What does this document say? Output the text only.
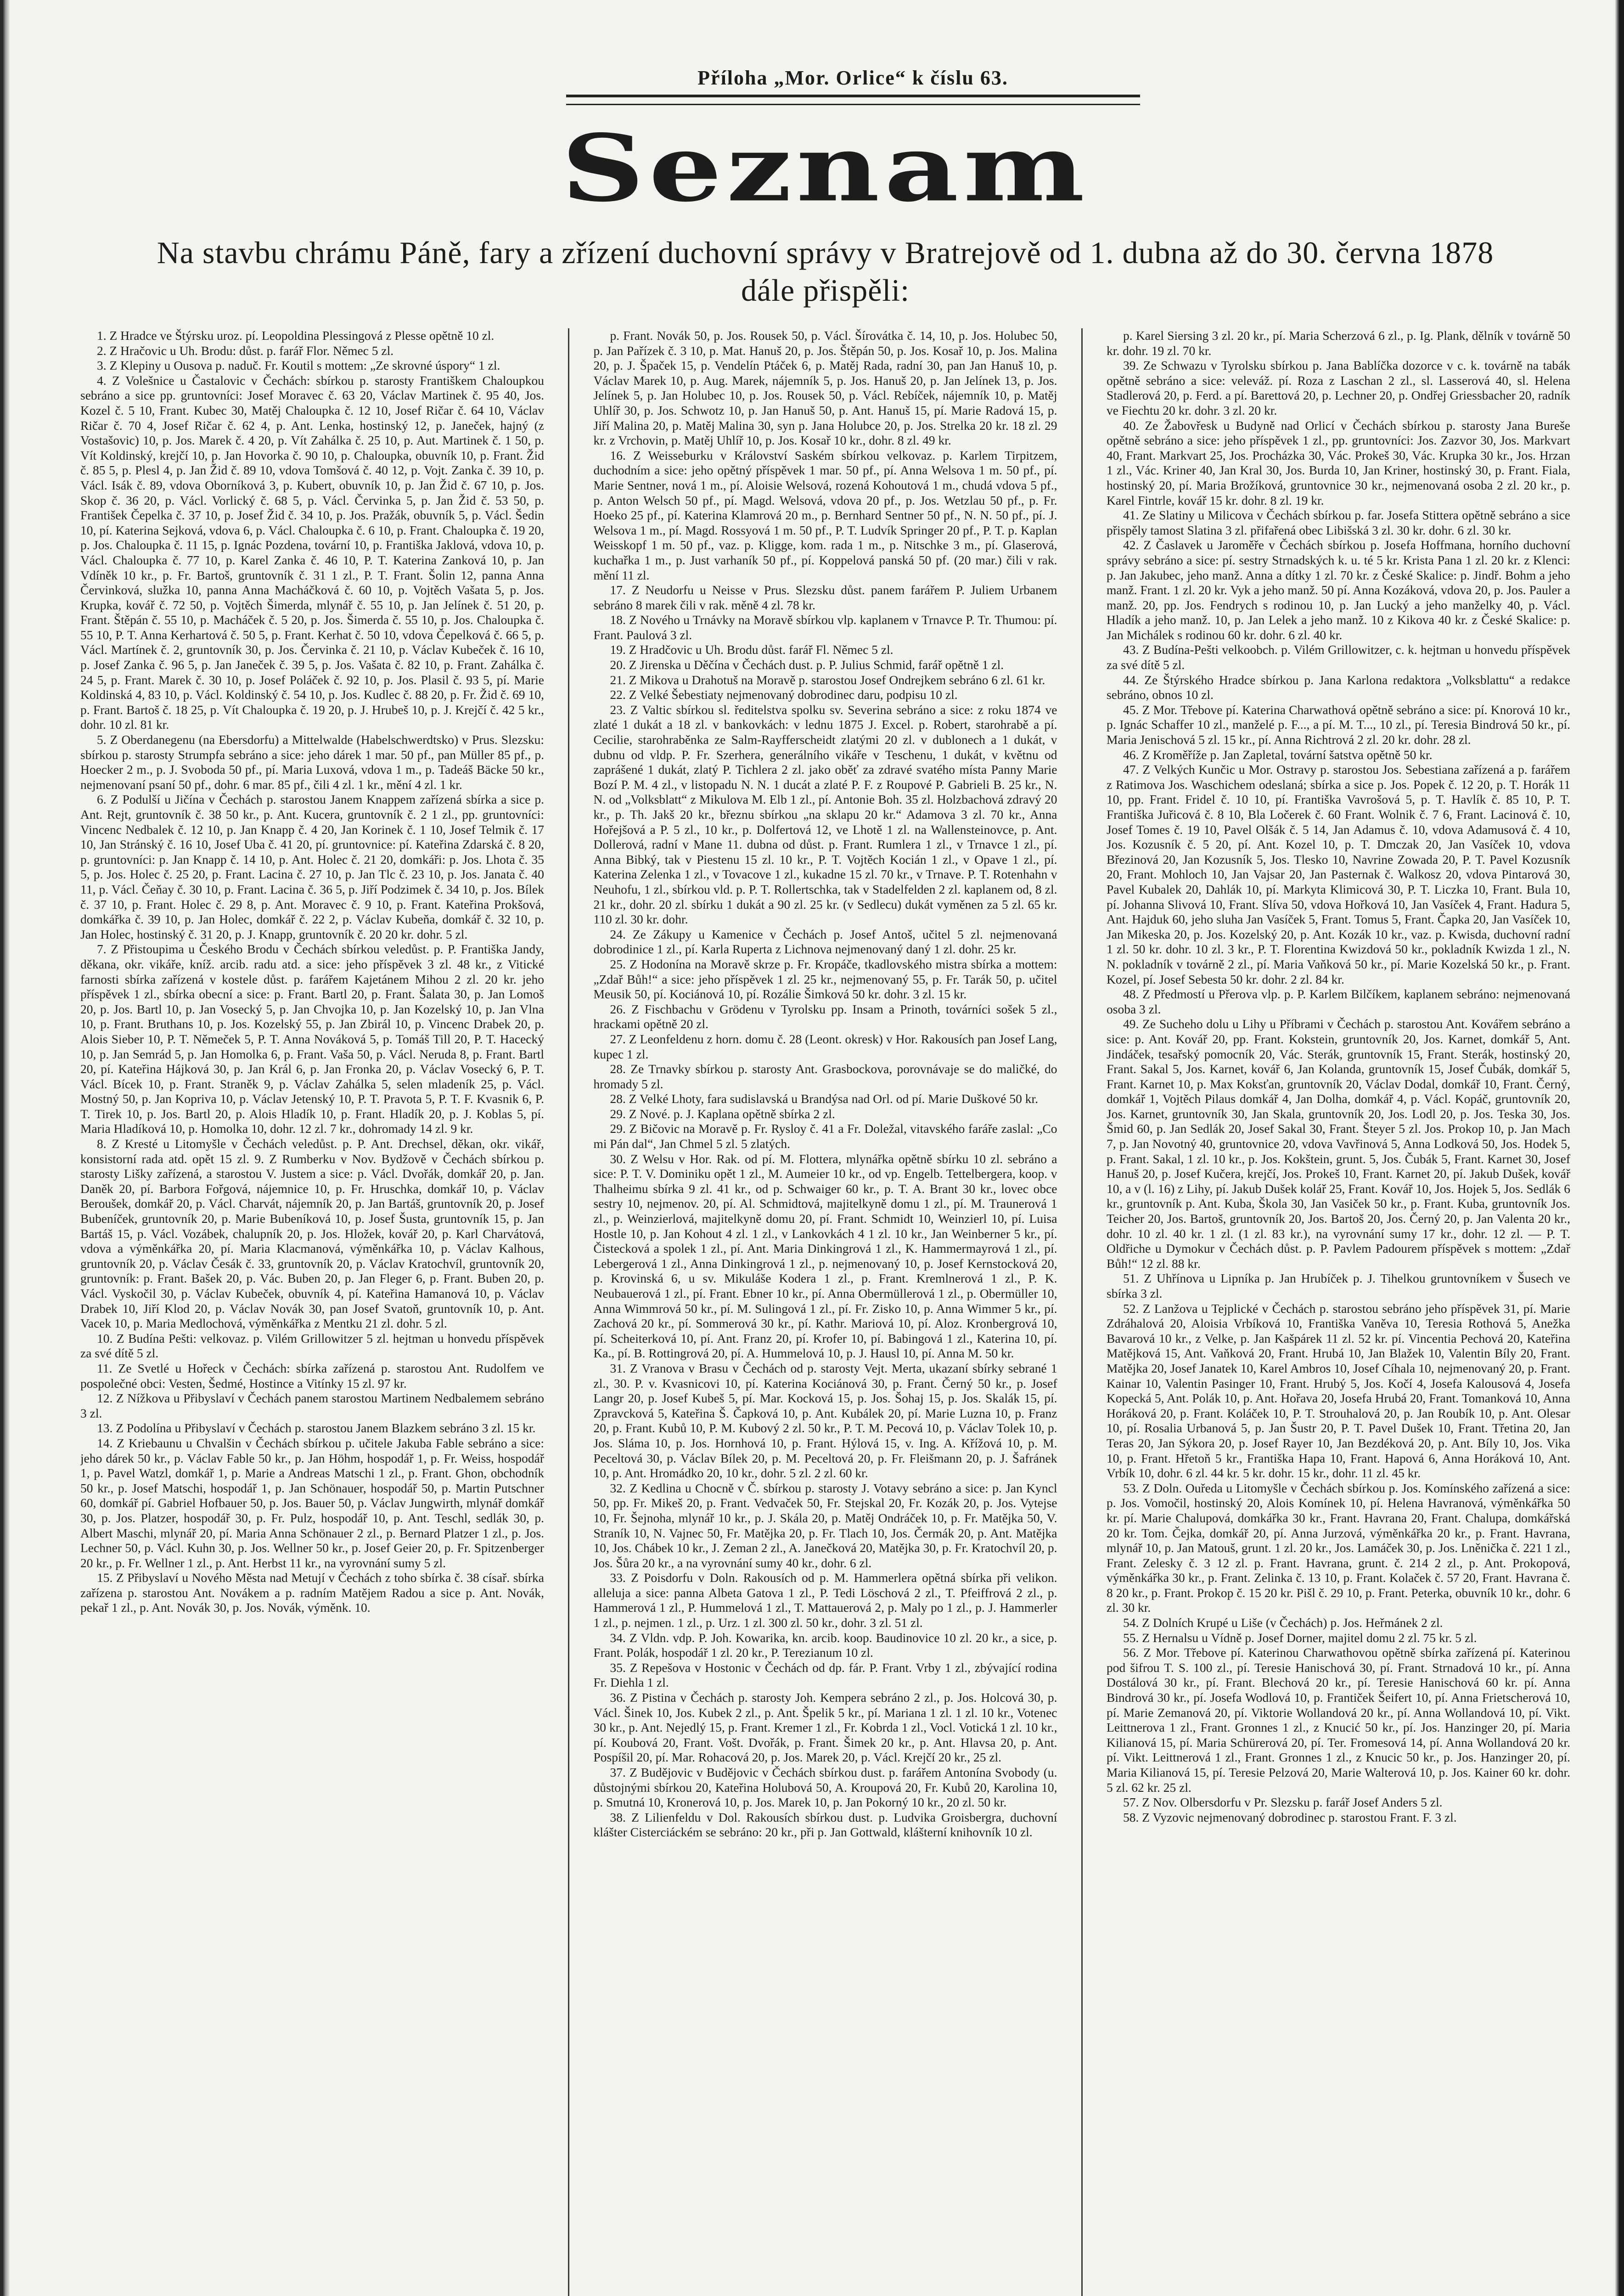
Příloha „Mor. Orlice“ k číslu 63.
Seznam
Na stavbu chrámu Páně, fary a zřízení duchovní správy v Bratrejově od 1. dubna až do 30. června 1878
dále přispěli:

1. Z Hradce ve Štýrsku uroz. pí. Leopoldina Plessingová z Plesse opětně 10 zl.

2. Z Hračovic u Uh. Brodu: důst. p. farář Flor. Němec 5 zl.

3. Z Klepiny u Ousova p. naduč. Fr. Koutil s mottem: „Ze skrovné úspory“ 1 zl.

4. Z Volešnice u Častalovic v Čechách: sbírkou p. starosty Františkem Chaloupkou sebráno a sice pp. gruntovníci: Josef Moravec č. 63 20, Václav Martinek č. 95 40, Jos. Kozel č. 5 10, Frant. Kubec 30, Matěj Chaloupka č. 12 10, Josef Ričar č. 64 10, Václav Ričar č. 70 4, Josef Ričar č. 62 4, p. Ant. Lenka, hostinský 12, p. Janeček, hajný (z Vostašovic) 10, p. Jos. Marek č. 4 20, p. Vít Zahálka č. 25 10, p. Aut. Martinek č. 1 50, p. Vít Koldinský, krejčí 10, p. Jan Hovorka č. 90 10, p. Chaloupka, obuvník 10, p. Frant. Žid č. 85 5, p. Plesl 4, p. Jan Žid č. 89 10, vdova Tomšová č. 40 12, p. Vojt. Zanka č. 39 10, p. Václ. Isák č. 89, vdova Oborníková 3, p. Kubert, obuvník 10, p. Jan Žid č. 67 10, p. Jos. Skop č. 36 20, p. Václ. Vorlický č. 68 5, p. Václ. Červinka 5, p. Jan Žid č. 53 50, p. František Čepelka č. 37 10, p. Josef Žid č. 34 10, p. Jos. Pražák, obuvník 5, p. Václ. Šedin 10, pí. Katerina Sejková, vdova 6, p. Václ. Chaloupka č. 6 10, p. Frant. Chaloupka č. 19 20, p. Jos. Chaloupka č. 11 15, p. Ignác Pozdena, tovární 10, p. Františka Jaklová, vdova 10, p. Václ. Chaloupka č. 77 10, p. Karel Zanka č. 46 10, P. T. Katerina Zanková 10, p. Jan Vdíněk 10 kr., p. Fr. Bartoš, gruntovník č. 31 1 zl., P. T. Frant. Šolin 12, panna Anna Červinková, služka 10, panna Anna Macháčková č. 60 10, p. Vojtěch Vašata 5, p. Jos. Krupka, kovář č. 72 50, p. Vojtěch Šimerda, mlynář č. 55 10, p. Jan Jelínek č. 51 20, p. Frant. Štěpán č. 55 10, p. Macháček č. 5 20, p. Jos. Šimerda č. 55 10, p. Jos. Chaloupka č. 55 10, P. T. Anna Kerhartová č. 50 5, p. Frant. Kerhat č. 50 10, vdova Čepelková č. 66 5, p. Václ. Martínek č. 2, gruntovník 30, p. Jos. Červinka č. 21 10, p. Václav Kubeček č. 16 10, p. Josef Zanka č. 96 5, p. Jan Janeček č. 39 5, p. Jos. Vašata č. 82 10, p. Frant. Zahálka č. 24 5, p. Frant. Marek č. 30 10, p. Josef Poláček č. 92 10, p. Jos. Plasil č. 93 5, pí. Marie Koldinská 4, 83 10, p. Václ. Koldinský č. 54 10, p. Jos. Kudlec č. 88 20, p. Fr. Žid č. 69 10, p. Frant. Bartoš č. 18 25, p. Vít Chaloupka č. 19 20, p. J. Hrubeš 10, p. J. Krejčí č. 42 5 kr., dohr. 10 zl. 81 kr.

5. Z Oberdanegenu (na Ebersdorfu) a Mittelwalde (Habelschwerdtsko) v Prus. Slezsku: sbírkou p. starosty Strumpfa sebráno a sice: jeho dárek 1 mar. 50 pf., pan Müller 85 pf., p. Hoecker 2 m., p. J. Svoboda 50 pf., pí. Maria Luxová, vdova 1 m., p. Tadeáš Bäcke 50 kr., nejmenovaní psaní 50 pf., dohr. 6 mar. 85 pf., čili 4 zl. 1 kr., mění 4 zl. 1 kr.

6. Z Podulší u Jičína v Čechách p. starostou Janem Knappem zařízená sbírka a sice p. Ant. Rejt, gruntovník č. 38 50 kr., p. Ant. Kucera, gruntovník č. 2 1 zl., pp. gruntovníci: Vincenc Nedbalek č. 12 10, p. Jan Knapp č. 4 20, Jan Korinek č. 1 10, Josef Telmik č. 17 10, Jan Stránský č. 16 10, Josef Uba č. 41 20, pí. gruntovnice: pí. Kateřina Zdarská č. 8 20, p. gruntovníci: p. Jan Knapp č. 14 10, p. Ant. Holec č. 21 20, domkáři: p. Jos. Lhota č. 35 5, p. Jos. Holec č. 25 20, p. Frant. Lacina č. 27 10, p. Jan Tlc č. 23 10, p. Jos. Janata č. 40 11, p. Václ. Čeňay č. 30 10, p. Frant. Lacina č. 36 5, p. Jiří Podzimek č. 34 10, p. Jos. Bílek č. 37 10, p. Frant. Holec č. 29 8, p. Ant. Moravec č. 9 10, p. Frant. Kateřina Prokšová, domkářka č. 39 10, p. Jan Holec, domkář č. 22 2, p. Václav Kubeňa, domkář č. 32 10, p. Jan Holec, hostinský č. 31 20, p. J. Knapp, gruntovník č. 20 20 kr. dohr. 5 zl.

7. Z Přistoupima u Českého Brodu v Čechách sbírkou veledůst. p. P. Františka Jandy, děkana, okr. vikáře, kníž. arcib. radu atd. a sice: jeho příspěvek 3 zl. 48 kr., z Vitické farnosti sbírka zařízená v kostele důst. p. farářem Kajetánem Mihou 2 zl. 20 kr. jeho příspěvek 1 zl., sbírka obecní a sice: p. Frant. Bartl 20, p. Frant. Šalata 30, p. Jan Lomoš 20, p. Jos. Bartl 10, p. Jan Vosecký 5, p. Jan Chvojka 10, p. Jan Kozelský 10, p. Jan Vlna 10, p. Frant. Bruthans 10, p. Jos. Kozelský 55, p. Jan Zbirál 10, p. Vincenc Drabek 20, p. Alois Sieber 10, P. T. Němeček 5, P. T. Anna Nováková 5, p. Tomáš Till 20, P. T. Hacecký 10, p. Jan Semrád 5, p. Jan Homolka 6, p. Frant. Vaša 50, p. Václ. Neruda 8, p. Frant. Bartl 20, pí. Kateřina Hájková 30, p. Jan Král 6, p. Jan Fronka 20, p. Václav Vosecký 6, P. T. Václ. Bícek 10, p. Frant. Straněk 9, p. Václav Zahálka 5, selen mladeník 25, p. Václ. Mostný 50, p. Jan Kopriva 10, p. Václav Jetenský 10, P. T. Pravota 5, P. T. F. Kvasnik 6, P. T. Tirek 10, p. Jos. Bartl 20, p. Alois Hladík 10, p. Frant. Hladík 20, p. J. Koblas 5, pí. Maria Hladíková 10, p. Homolka 10, dohr. 12 zl. 7 kr., dohromady 14 zl. 9 kr.

8. Z Kresté u Litomyšle v Čechách veledůst. p. P. Ant. Drechsel, děkan, okr. vikář, konsistorní rada atd. opět 15 zl. 9. Z Rumberku v Nov. Bydžově v Čechách sbírkou p. starosty Lišky zařízená, a starostou V. Justem a sice: p. Václ. Dvořák, domkář 20, p. Jan. Daněk 20, pí. Barbora Fořgová, nájemnice 10, p. Fr. Hruschka, domkář 10, p. Václav Beroušek, domkář 20, p. Václ. Charvát, nájemník 20, p. Jan Bartáš, gruntovník 20, p. Josef Bubeníček, gruntovník 20, p. Marie Bubeníková 10, p. Josef Šusta, gruntovník 15, p. Jan Bartáš 15, p. Václ. Vozábek, chalupník 20, p. Jos. Hložek, kovář 20, p. Karl Charvátová, vdova a výměnkářka 20, pí. Maria Klacmanová, výměnkářka 10, p. Václav Kalhous, gruntovník 20, p. Václav Česák č. 33, gruntovník 20, p. Václav Kratochvíl, gruntovník 20, gruntovník: p. Frant. Bašek 20, p. Vác. Buben 20, p. Jan Fleger 6, p. Frant. Buben 20, p. Václ. Vyskočil 30, p. Václav Kubeček, obuvník 4, pí. Kateřina Hamanová 10, p. Václav Drabek 10, Jiří Klod 20, p. Václav Novák 30, pan Josef Svatoň, gruntovník 10, p. Ant. Vacek 10, p. Maria Medlochová, výměnkářka z Mentku 21 zl. dohr. 5 zl.

10. Z Budína Pešti: velkovaz. p. Vilém Grillowitzer 5 zl. hejtman u honvedu příspěvek za své dítě 5 zl.

11. Ze Svetlé u Hořeck v Čechách: sbírka zařízená p. starostou Ant. Rudolfem ve pospolečné obci: Vesten, Šedmé, Hostince a Vitínky 15 zl. 97 kr.

12. Z Nížkova u Přibyslaví v Čechách panem starostou Martinem Nedbalemem sebráno 3 zl.

13. Z Podolína u Přibyslaví v Čechách p. starostou Janem Blazkem sebráno 3 zl. 15 kr.

14. Z Kriebaunu u Chvalšin v Čechách sbírkou p. učitele Jakuba Fable sebráno a sice: jeho dárek 50 kr., p. Václav Fable 50 kr., p. Jan Höhm, hospodář 1, p. Fr. Weiss, hospodář 1, p. Pavel Watzl, domkář 1, p. Marie a Andreas Matschi 1 zl., p. Frant. Ghon, obchodník 50 kr., p. Josef Matschi, hospodář 1, p. Jan Schönauer, hospodář 50, p. Martin Putschner 60, domkář pí. Gabriel Hofbauer 50, p. Jos. Bauer 50, p. Václav Jungwirth, mlynář domkář 30, p. Jos. Platzer, hospodář 30, p. Fr. Pulz, hospodář 10, p. Ant. Teschl, sedlák 30, p. Albert Maschi, mlynář 20, pí. Maria Anna Schönauer 2 zl., p. Bernard Platzer 1 zl., p. Jos. Lechner 50, p. Václ. Kuhn 30, p. Jos. Wellner 50 kr., p. Josef Geier 20, p. Fr. Spitzenberger 20 kr., p. Fr. Wellner 1 zl., p. Ant. Herbst 11 kr., na vyrovnání sumy 5 zl.

15. Z Přibyslaví u Nového Města nad Metují v Čechách z toho sbírka č. 38 císař. sbírka zařízena p. starostou Ant. Novákem a p. radním Matějem Radou a sice p. Ant. Novák, pekař 1 zl., p. Ant. Novák 30, p. Jos. Novák, výměnk. 10.

p. Frant. Novák 50, p. Jos. Rousek 50, p. Václ. Šírovátka č. 14, 10, p. Jos. Holubec 50, p. Jan Pařízek č. 3 10, p. Mat. Hanuš 20, p. Jos. Štěpán 50, p. Jos. Kosař 10, p. Jos. Malina 20, p. J. Špaček 15, p. Vendelín Ptáček 6, p. Matěj Rada, radní 30, pan Jan Hanuš 10, p. Václav Marek 10, p. Aug. Marek, nájemník 5, p. Jos. Hanuš 20, p. Jan Jelínek 13, p. Jos. Jelínek 5, p. Jan Holubec 10, p. Jos. Rousek 50, p. Václ. Rebíček, nájemník 10, p. Matěj Uhlíř 30, p. Jos. Schwotz 10, p. Jan Hanuš 50, p. Ant. Hanuš 15, pí. Marie Radová 15, p. Jiří Malina 20, p. Matěj Malina 30, syn p. Jana Holubce 20, p. Jos. Strelka 20 kr. 18 zl. 29 kr. z Vrchovin, p. Matěj Uhlíř 10, p. Jos. Kosař 10 kr., dohr. 8 zl. 49 kr.

16. Z Weisseburku v Království Saském sbírkou velkovaz. p. Karlem Tirpitzem, duchodním a sice: jeho opětný příspěvek 1 mar. 50 pf., pí. Anna Welsova 1 m. 50 pf., pí. Marie Sentner, nová 1 m., pí. Aloisie Welsová, rozená Kohoutová 1 m., chudá vdova 5 pf., p. Anton Welsch 50 pf., pí. Magd. Welsová, vdova 20 pf., p. Jos. Wetzlau 50 pf., p. Fr. Hoeko 25 pf., pí. Katerina Klamrová 20 m., p. Bernhard Sentner 50 pf., N. N. 50 pf., pí. J. Welsova 1 m., pí. Magd. Rossyová 1 m. 50 pf., P. T. Ludvík Springer 20 pf., P. T. p. Kaplan Weisskopf 1 m. 50 pf., vaz. p. Kligge, kom. rada 1 m., p. Nitschke 3 m., pí. Glaserová, kuchařka 1 m., p. Just varhaník 50 pf., pí. Koppelová panská 50 pf. (20 mar.) čili v rak. mění 11 zl.

17. Z Neudorfu u Neisse v Prus. Slezsku důst. panem farářem P. Juliem Urbanem sebráno 8 marek čili v rak. měně 4 zl. 78 kr.

18. Z Nového u Trnávky na Moravě sbírkou vlp. kaplanem v Trnavce P. Tr. Thumou: pí. Frant. Paulová 3 zl.

19. Z Hradčovic u Uh. Brodu důst. farář Fl. Němec 5 zl.

20. Z Jirenska u Děčína v Čechách dust. p. P. Julius Schmid, farář opětně 1 zl.

21. Z Mikova u Drahotuš na Moravě p. starostou Josef Ondrejkem sebráno 6 zl. 61 kr.

22. Z Velké Šebestiaty nejmenovaný dobrodinec daru, podpisu 10 zl.

23. Z Valtic sbírkou sl. ředitelstva spolku sv. Severina sebráno a sice: z roku 1874 ve zlaté 1 dukát a 18 zl. v bankovkách: v lednu 1875 J. Excel. p. Robert, starohrabě a pí. Cecilie, starohraběnka ze Salm-Rayfferscheidt zlatými 20 zl. v dublonech a 1 dukát, v dubnu od vldp. P. Fr. Szerhera, generálního vikáře v Teschenu, 1 dukát, v květnu od zaprášené 1 dukát, zlatý P. Tichlera 2 zl. jako oběť za zdravé svatého místa Panny Marie Bozí P. M. 4 zl., v listopadu N. N. 1 ducát a zlaté P. F. z Roupové P. Gabrieli B. 25 kr., N. N. od „Volksblatt“ z Mikulova M. Elb 1 zl., pí. Antonie Boh. 35 zl. Holzbachová zdravý 20 kr., p. Th. Jakš 20 kr., březnu sbírkou „na sklapu 20 kr.“ Adamova 3 zl. 70 kr., Anna Hořejšová a P. 5 zl., 10 kr., p. Dolfertová 12, ve Lhotě 1 zl. na Wallensteinovce, p. Ant. Dollerová, radní v Mane 11. dubna od důst. p. Frant. Rumlera 1 zl., v Trnavce 1 zl., pí. Anna Bibký, tak v Piestenu 15 zl. 10 kr., P. T. Vojtěch Kocián 1 zl., v Opave 1 zl., pí. Katerina Zelenka 1 zl., v Tovacove 1 zl., kukadne 15 zl. 70 kr., v Trnave. P. T. Rotenhahn v Neuhofu, 1 zl., sbírkou vld. p. P. T. Rollertschka, tak v Stadelfelden 2 zl. kaplanem od, 8 zl. 21 kr., dohr. 20 zl. sbírku 1 dukát a 90 zl. 25 kr. (v Sedlecu) dukát vyměnen za 5 zl. 65 kr. 110 zl. 30 kr. dohr.

24. Ze Zákupy u Kamenice v Čechách p. Josef Antoš, učitel 5 zl. nejmenovaná dobrodinice 1 zl., pí. Karla Ruperta z Lichnova nejmenovaný daný 1 zl. dohr. 25 kr.

25. Z Hodonína na Moravě skrze p. Fr. Kropáče, tkadlovského mistra sbírka a mottem: „Zdař Bůh!“ a sice: jeho příspěvek 1 zl. 25 kr., nejmenovaný 55, p. Fr. Tarák 50, p. učitel Meusik 50, pí. Kociánová 10, pí. Rozálie Šimková 50 kr. dohr. 3 zl. 15 kr.

26. Z Fischbachu v Grödenu v Tyrolsku pp. Insam a Prinoth, továrníci sošek 5 zl., hrackami opětně 20 zl.

27. Z Leonfeldenu z horn. domu č. 28 (Leont. okresk) v Hor. Rakousích pan Josef Lang, kupec 1 zl.

28. Ze Trnavky sbírkou p. starosty Ant. Grasbockova, porovnávaje se do maličké, do hromady 5 zl.

28. Z Velké Lhoty, fara sudislavská u Brandýsa nad Orl. od pí. Marie Duškové 50 kr.

29. Z Nové. p. J. Kaplana opětně sbírka 2 zl.

29. Z Bičovic na Moravě p. Fr. Rysloy č. 41 a Fr. Doležal, vitavského faráře zaslal: „Co mi Pán dal“, Jan Chmel 5 zl. 5 zlatých.

30. Z Welsu v Hor. Rak. od pí. M. Flottera, mlynářka opětně sbírku 10 zl. sebráno a sice: P. T. V. Dominiku opět 1 zl., M. Aumeier 10 kr., od vp. Engelb. Tettelbergera, koop. v Thalheimu sbírka 9 zl. 41 kr., od p. Schwaiger 60 kr., p. T. A. Brant 30 kr., lovec obce sestry 10, nejmenov. 20, pí. Al. Schmidtová, majitelkyně domu 1 zl., pí. M. Traunerová 1 zl., p. Weinzierlová, majitelkyně domu 20, pí. Frant. Schmidt 10, Weinzierl 10, pí. Luisa Hostle 10, p. Jan Kohout 4 zl. 1 zl., v Lankovkách 4 1 zl. 10 kr., Jan Weinberner 5 kr., pí. Čistecková a spolek 1 zl., pí. Ant. Maria Dinkingrová 1 zl., K. Hammermayrová 1 zl., pí. Lebergerová 1 zl., Anna Dinkingrová 1 zl., p. nejmenovaný 10, p. Josef Kernstocková 20, p. Krovinská 6, u sv. Mikuláše Kodera 1 zl., p. Frant. Kremlnerová 1 zl., P. K. Neubauerová 1 zl., pí. Frant. Ebner 10 kr., pí. Anna Obermüllerová 1 zl., p. Obermüller 10, Anna Wimmrová 50 kr., pí. M. Sulingová 1 zl., pí. Fr. Zisko 10, p. Anna Wimmer 5 kr., pí. Zachová 20 kr., pí. Sommerová 30 kr., pí. Kathr. Mariová 10, pí. Aloz. Kronbergrová 10, pí. Scheiterková 10, pí. Ant. Franz 20, pí. Krofer 10, pí. Babingová 1 zl., Katerina 10, pí. Ka., pí. B. Rottingrová 20, pí. A. Hummelová 10, p. J. Hausl 10, pí. Anna M. 50 kr.

31. Z Vranova v Brasu v Čechách od p. starosty Vejt. Merta, ukazaní sbírky sebrané 1 zl., 30. P. v. Kvasnicovi 10, pí. Katerina Kociánová 30, p. Frant. Černý 50 kr., p. Josef Langr 20, p. Josef Kubeš 5, pí. Mar. Kocková 15, p. Jos. Šohaj 15, p. Jos. Skalák 15, pí. Zpravcková 5, Kateřina Š. Čapková 10, p. Ant. Kubálek 20, pí. Marie Luzna 10, p. Franz 20, p. Frant. Kubů 10, P. M. Kubový 2 zl. 50 kr., P. T. M. Pecová 10, p. Václav Tolek 10, p. Jos. Sláma 10, p. Jos. Hornhová 10, p. Frant. Hýlová 15, v. Ing. A. Křížová 10, p. M. Peceltová 30, p. Václav Bílek 20, p. M. Peceltová 20, p. Fr. Fleišmann 20, p. J. Šafránek 10, p. Ant. Hromádko 20, 10 kr., dohr. 5 zl. 2 zl. 60 kr.

32. Z Kedlina u Chocně v Č. sbírkou p. starosty J. Votavy sebráno a sice: p. Jan Kyncl 50, pp. Fr. Mikeš 20, p. Frant. Vedvaček 50, Fr. Stejskal 20, Fr. Kozák 20, p. Jos. Vytejse 10, Fr. Šejnoha, mlynář 10 kr., p. J. Skála 20, p. Matěj Ondráček 10, p. Fr. Matějka 50, V. Straník 10, N. Vajnec 50, Fr. Matějka 20, p. Fr. Tlach 10, Jos. Čermák 20, p. Ant. Matějka 10, Jos. Chábek 10 kr., J. Zeman 2 zl., A. Janečková 20, Matějka 30, p. Fr. Kratochvíl 20, p. Jos. Šůra 20 kr., a na vyrovnání sumy 40 kr., dohr. 6 zl.

33. Z Poisdorfu v Doln. Rakousích od p. M. Hammerlera opětná sbírka při velikon. alleluja a sice: panna Albeta Gatova 1 zl., P. Tedi Löschová 2 zl., T. Pfeiffrová 2 zl., p. Hammerová 1 zl., P. Hummelová 1 zl., T. Mattauerová 2, p. Maly po 1 zl., p. J. Hammerler 1 zl., p. nejmen. 1 zl., p. Urz. 1 zl. 300 zl. 50 kr., dohr. 3 zl. 51 zl.

34. Z Vldn. vdp. P. Joh. Kowarika, kn. arcib. koop. Baudinovice 10 zl. 20 kr., a sice, p. Frant. Polák, hospodář 1 zl. 20 kr., P. Terezianum 10 zl.

35. Z Repešova v Hostonic v Čechách od dp. fár. P. Frant. Vrby 1 zl., zbývající rodina Fr. Diehla 1 zl.

36. Z Pistina v Čechách p. starosty Joh. Kempera sebráno 2 zl., p. Jos. Holcová 30, p. Václ. Šinek 10, Jos. Kubek 2 zl., p. Ant. Špelik 5 kr., pí. Mariana 1 zl. 1 zl. 10 kr., Votenec 30 kr., p. Ant. Nejedlý 15, p. Frant. Kremer 1 zl., Fr. Kobrda 1 zl., Vocl. Votická 1 zl. 10 kr., pí. Koubová 20, Frant. Vošt. Dvořák, p. Frant. Šimek 20 kr., p. Ant. Hlavsa 20, p. Ant. Pospíšil 20, pí. Mar. Rohacová 20, p. Jos. Marek 20, p. Václ. Krejčí 20 kr., 25 zl.

37. Z Budějovic v Budějovic v Čechách sbírkou dust. p. farářem Antonína Svobody (u. důstojnými sbírkou 20, Kateřina Holubová 50, A. Kroupová 20, Fr. Kubů 20, Karolina 10, p. Smutná 10, Kronerová 10, p. Jos. Marek 10, p. Jan Pokorný 10 kr., 20 zl. 50 kr.

38. Z Lilienfeldu v Dol. Rakousích sbírkou dust. p. Ludvika Groisbergra, duchovní klášter Cisterciáckém se sebráno: 20 kr., při p. Jan Gottwald, klášterní knihovník 10 zl.

p. Karel Siersing 3 zl. 20 kr., pí. Maria Scherzová 6 zl., p. Ig. Plank, dělník v továrně 50 kr. dohr. 19 zl. 70 kr.

39. Ze Schwazu v Tyrolsku sbírkou p. Jana Bablíčka dozorce v c. k. továrně na tabák opětně sebráno a sice: veleváž. pí. Roza z Laschan 2 zl., sl. Lasserová 40, sl. Helena Stadlerová 20, p. Ferd. a pí. Barettová 20, p. Lechner 20, p. Ondřej Griessbacher 20, radník ve Fiechtu 20 kr. dohr. 3 zl. 20 kr.

40. Ze Žabovřesk u Budyně nad Orlicí v Čechách sbírkou p. starosty Jana Bureše opětně sebráno a sice: jeho příspěvek 1 zl., pp. gruntovníci: Jos. Zazvor 30, Jos. Markvart 40, Frant. Markvart 25, Jos. Procházka 30, Vác. Prokeš 30, Vác. Krupka 30 kr., Jos. Hrzan 1 zl., Vác. Kriner 40, Jan Kral 30, Jos. Burda 10, Jan Kriner, hostinský 30, p. Frant. Fiala, hostinský 20, pí. Maria Brožíková, gruntovnice 30 kr., nejmenovaná osoba 2 zl. 20 kr., p. Karel Fintrle, kovář 15 kr. dohr. 8 zl. 19 kr.

41. Ze Slatiny u Milicova v Čechách sbírkou p. far. Josefa Stittera opětně sebráno a sice přispěly tamost Slatina 3 zl. přifařená obec Libišská 3 zl. 30 kr. dohr. 6 zl. 30 kr.

42. Z Časlavek u Jaroměře v Čechách sbírkou p. Josefa Hoffmana, horního duchovní správy sebráno a sice: pí. sestry Strnadských k. u. té 5 kr. Krista Pana 1 zl. 20 kr. z Klenci: p. Jan Jakubec, jeho manž. Anna a dítky 1 zl. 70 kr. z České Skalice: p. Jindř. Bohm a jeho manž. Frant. 1 zl. 20 kr. Vyk a jeho manž. 50 pí. Anna Kozáková, vdova 20, p. Jos. Pauler a manž. 20, pp. Jos. Fendrych s rodinou 10, p. Jan Lucký a jeho manželky 40, p. Václ. Hladík a jeho manž. 10, p. Jan Lelek a jeho manž. 10 z Kikova 40 kr. z České Skalice: p. Jan Michálek s rodinou 60 kr. dohr. 6 zl. 40 kr.

43. Z Budína-Pešti velkoobch. p. Vilém Grillowitzer, c. k. hejtman u honvedu příspěvek za své dítě 5 zl.

44. Ze Štýrského Hradce sbírkou p. Jana Karlona redaktora „Volksblattu“ a redakce sebráno, obnos 10 zl.

45. Z Mor. Třebove pí. Katerina Charwathová opětně sebráno a sice: pí. Knorová 10 kr., p. Ignác Schaffer 10 zl., manželé p. F..., a pí. M. T..., 10 zl., pí. Teresia Bindrová 50 kr., pí. Maria Jenischová 5 zl. 15 kr., pí. Anna Richtrová 2 zl. 20 kr. dohr. 28 zl.

46. Z Kroměříže p. Jan Zapletal, tovární šatstva opětně 50 kr.

47. Z Velkých Kunčic u Mor. Ostravy p. starostou Jos. Sebestiana zařízená a p. farářem z Ratimova Jos. Waschichem odeslaná; sbírka a sice p. Jos. Popek č. 12 20, p. T. Horák 11 10, pp. Frant. Fridel č. 10 10, pí. Františka Vavrošová 5, p. T. Havlík č. 85 10, P. T. Františka Juřicová č. 8 10, Bla Ločerek č. 60 Frant. Wolnik č. 7 6, Frant. Lacinová č. 10, Josef Tomes č. 19 10, Pavel Olšák č. 5 14, Jan Adamus č. 10, vdova Adamusová č. 4 10, Jos. Kozusník č. 5 20, pí. Ant. Kozel 10, p. T. Dmczak 20, Jan Vasíček 10, vdova Březinová 20, Jan Kozusník 5, Jos. Tlesko 10, Navrine Zowada 20, P. T. Pavel Kozusník 20, Frant. Mohloch 10, Jan Vajsar 20, Jan Pasternak č. Walkosz 20, vdova Pintarová 30, Pavel Kubalek 20, Dahlák 10, pí. Markyta Klimicová 30, P. T. Liczka 10, Frant. Bula 10, pí. Johanna Slivová 10, Frant. Slíva 50, vdova Hořková 10, Jan Vasíček 4, Frant. Hadura 5, Ant. Hajduk 60, jeho sluha Jan Vasíček 5, Frant. Tomus 5, Frant. Čapka 20, Jan Vasíček 10, Jan Mikeska 20, p. Jos. Kozelský 20, p. Ant. Kozák 10 kr., vaz. p. Kwisda, duchovní radní 1 zl. 50 kr. dohr. 10 zl. 3 kr., P. T. Florentina Kwizdová 50 kr., pokladník Kwizda 1 zl., N. N. pokladník v továrně 2 zl., pí. Maria Vaňková 50 kr., pí. Marie Kozelská 50 kr., p. Frant. Kozel, pí. Josef Sebesta 50 kr. dohr. 2 zl. 84 kr.

48. Z Předmostí u Přerova vlp. p. P. Karlem Bilčíkem, kaplanem sebráno: nejmenovaná osoba 3 zl.

49. Ze Sucheho dolu u Lihy u Příbrami v Čechách p. starostou Ant. Kovářem sebráno a sice: p. Ant. Kovář 20, pp. Frant. Kokstein, gruntovník 20, Jos. Karnet, domkář 5, Ant. Jindáček, tesařský pomocník 20, Vác. Sterák, gruntovník 15, Frant. Sterák, hostinský 20, Frant. Sakal 5, Jos. Karnet, kovář 6, Jan Kolanda, gruntovník 15, Josef Čubák, domkář 5, Frant. Karnet 10, p. Max Koksťan, gruntovník 20, Václav Dodal, domkář 10, Frant. Černý, domkář 1, Vojtěch Pilaus domkář 4, Jan Dolha, domkář 4, p. Václ. Kopáč, gruntovník 20, Jos. Karnet, gruntovník 30, Jan Skala, gruntovník 20, Jos. Lodl 20, p. Jos. Teska 30, Jos. Šmid 60, p. Jan Sedlák 20, Josef Sakal 30, Frant. Šteyer 5 zl. Jos. Prokop 10, p. Jan Mach 7, p. Jan Novotný 40, gruntovnice 20, vdova Vavřinová 5, Anna Lodková 50, Jos. Hodek 5, p. Frant. Sakal, 1 zl. 10 kr., p. Jos. Kokštein, grunt. 5, Jos. Čubák 5, Frant. Karnet 30, Josef Hanuš 20, p. Josef Kučera, krejčí, Jos. Prokeš 10, Frant. Karnet 20, pí. Jakub Dušek, kovář 10, a v (l. 16) z Lihy, pí. Jakub Dušek kolář 25, Frant. Kovář 10, Jos. Hojek 5, Jos. Sedlák 6 kr., gruntovník p. Ant. Kuba, Škola 30, Jan Vasiček 50 kr., p. Frant. Kuba, gruntovník Jos. Teicher 20, Jos. Bartoš, gruntovník 20, Jos. Bartoš 20, Jos. Černý 20, p. Jan Valenta 20 kr., dohr. 10 zl. 40 kr. 1 zl. (1 zl. 83 kr.), na vyrovnání sumy 17 kr., dohr. 12 zl. — P. T. Oldřiche u Dymokur v Čechách důst. p. P. Pavlem Padourem příspěvek s mottem: „Zdař Bůh!“ 12 zl. 88 kr.

51. Z Uhřínova u Lipníka p. Jan Hrubíček p. J. Tihelkou gruntovníkem v Šusech ve sbírka 3 zl.

52. Z Lanžova u Tejplické v Čechách p. starostou sebráno jeho příspěvek 31, pí. Marie Zdráhalová 20, Aloisia Vrbíková 10, Františka Vaněva 10, Teresia Rothová 5, Anežka Bavarová 10 kr., z Velke, p. Jan Kašpárek 11 zl. 52 kr. pí. Vincentia Pechová 20, Kateřina Matějková 15, Ant. Vaňková 20, Frant. Hrubá 10, Jan Blažek 10, Valentin Bíly 20, Frant. Matějka 20, Josef Janatek 10, Karel Ambros 10, Josef Cíhala 10, nejmenovaný 20, p. Frant. Kainar 10, Valentin Pasinger 10, Frant. Hrubý 5, Jos. Kočí 4, Josefa Kalousová 4, Josefa Kopecká 5, Ant. Polák 10, p. Ant. Hořava 20, Josefa Hrubá 20, Frant. Tomanková 10, Anna Horáková 20, p. Frant. Koláček 10, P. T. Strouhalová 20, p. Jan Roubík 10, p. Ant. Olesar 10, pí. Rosalia Urbanová 5, p. Jan Šustr 20, P. T. Pavel Dušek 10, Frant. Třetina 20, Jan Teras 20, Jan Sýkora 20, p. Josef Rayer 10, Jan Bezdéková 20, p. Ant. Bíly 10, Jos. Vika 10, p. Frant. Hřetoň 5 kr., Františka Hapa 10, Frant. Hapová 6, Anna Horáková 10, Ant. Vrbík 10, dohr. 6 zl. 44 kr. 5 kr. dohr. 15 kr., dohr. 11 zl. 45 kr.

53. Z Doln. Ouředa u Litomyšle v Čechách sbírkou p. Jos. Komínského zařízená a sice: p. Jos. Vomočil, hostinský 20, Alois Komínek 10, pí. Helena Havranová, výměnkářka 50 kr. pí. Marie Chalupová, domkářka 30 kr., Frant. Havrana 20, Frant. Chalupa, domkářská 20 kr. Tom. Čejka, domkář 20, pí. Anna Jurzová, výměnkářka 20 kr., p. Frant. Havrana, mlynář 10, p. Jan Matouš, grunt. 1 zl. 20 kr., Jos. Lamáček 30, p. Jos. Lněnička č. 221 1 zl., Frant. Zelesky č. 3 12 zl. p. Frant. Havrana, grunt. č. 214 2 zl., p. Ant. Prokopová, výměnkářka 30 kr., p. Frant. Zelinka č. 13 10, p. Frant. Kolaček č. 57 20, Frant. Havrana č. 8 20 kr., p. Frant. Prokop č. 15 20 kr. Pišl č. 29 10, p. Frant. Peterka, obuvník 10 kr., dohr. 6 zl. 30 kr.

54. Z Dolních Krupé u Liše (v Čechách) p. Jos. Heřmánek 2 zl.

55. Z Hernalsu u Vídně p. Josef Dorner, majitel domu 2 zl. 75 kr. 5 zl.

56. Z Mor. Třebove pí. Katerinou Charwathovou opětně sbírka zařízená pí. Katerinou pod šifrou T. S. 100 zl., pí. Teresie Hanischová 30, pí. Frant. Strnadová 10 kr., pí. Anna Dostálová 30 kr., pí. Frant. Blechová 20 kr., pí. Teresie Hanischová 60 kr. pí. Anna Bindrová 30 kr., pí. Josefa Wodlová 10, p. Frantiček Šeifert 10, pí. Anna Frietscherová 10, pí. Marie Zemanová 20, pí. Viktorie Wollandová 20 kr., pí. Anna Wollandová 10, pí. Vikt. Leittnerova 1 zl., Frant. Gronnes 1 zl., z Knucić 50 kr., pí. Jos. Hanzinger 20, pí. Maria Kilianová 15, pí. Maria Schürerová 20, pí. Ter. Fromesová 14, pí. Anna Wollandová 20 kr. pí. Vikt. Leittnerová 1 zl., Frant. Gronnes 1 zl., z Knucic 50 kr., p. Jos. Hanzinger 20, pí. Maria Kilianová 15, pí. Teresie Pelzová 20, Marie Walterová 10, p. Jos. Kainer 60 kr. dohr. 5 zl. 62 kr. 25 zl.

57. Z Nov. Olbersdorfu v Pr. Slezsku p. farář Josef Anders 5 zl.

58. Z Vyzovic nejmenovaný dobrodinec p. starostou Frant. F. 3 zl.
